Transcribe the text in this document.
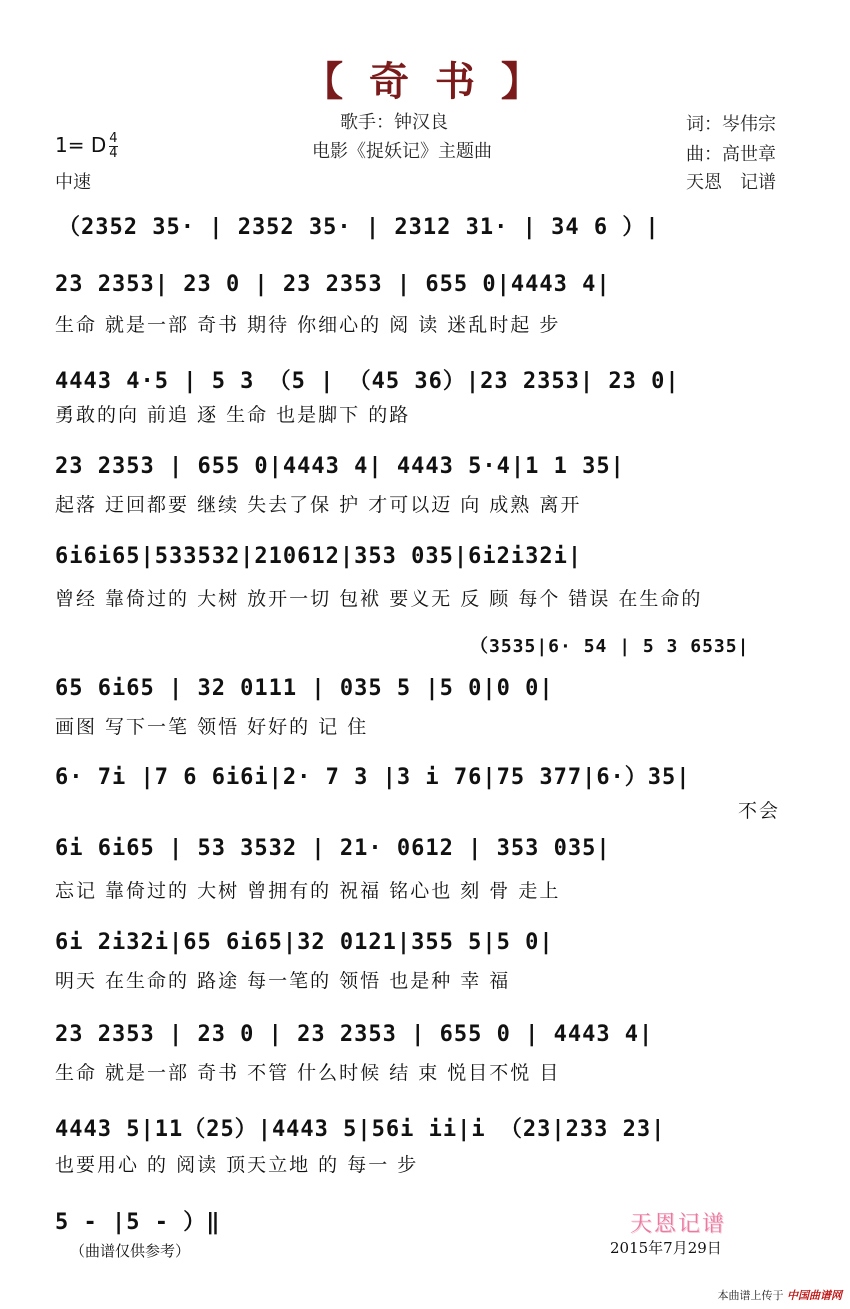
【 奇 书 】
歌手：钟汉良
电影《捉妖记》主题曲
1= D $\frac{4}{4}$
中速
词：岑伟宗
曲：高世章
天恩　记谱
（2352 35· | 2352 35· | 2312 31· | 34 6 ）|
23 2353| 23 0 | 23 2353 | 655 0|4443 4|
生命 就是一部 奇书 期待 你细心的 阅 读 迷乱时起 步
4443 4·5 | 5 3 （5 | （45 36）|23 2353| 23 0|
勇敢的向 前追 逐 生命 也是脚下 的路
23 2353 | 655 0|4443 4| 4443 5·4|1 1 35|
起落 迂回都要 继续 失去了保 护 才可以迈 向 成熟 离开
6i6i65|533532|210612|353 035|6i2i32i|
曾经 靠倚过的 大树 放开一切 包袱 要义无 反 顾 每个 错误 在生命的
（3535|6· 54 | 5 3 6535|
65 6i65 | 32 0111 | 035 5 |5 0|0 0|
画图 写下一笔 领悟 好好的 记 住
6· 7i |7 6 6i6i|2· 7 3 |3 i 76|75 377|6·）35|
不会
6i 6i65 | 53 3532 | 21· 0612 | 353 035|
忘记 靠倚过的 大树 曾拥有的 祝福 铭心也 刻 骨 走上
6i 2i32i|65 6i65|32 0121|355 5|5 0|
明天 在生命的 路途 每一笔的 领悟 也是种 幸 福
23 2353 | 23 0 | 23 2353 | 655 0 | 4443 4|
生命 就是一部 奇书 不管 什么时候 结 束 悦目不悦 目
4443 5|11（25）|4443 5|56i ii|i （23|233 23|
也要用心 的 阅读 顶天立地 的 每一 步
5 - |5 - ）‖
（曲谱仅供参考）
天恩记谱
2015年7月29日
本曲谱上传于 中国曲谱网
